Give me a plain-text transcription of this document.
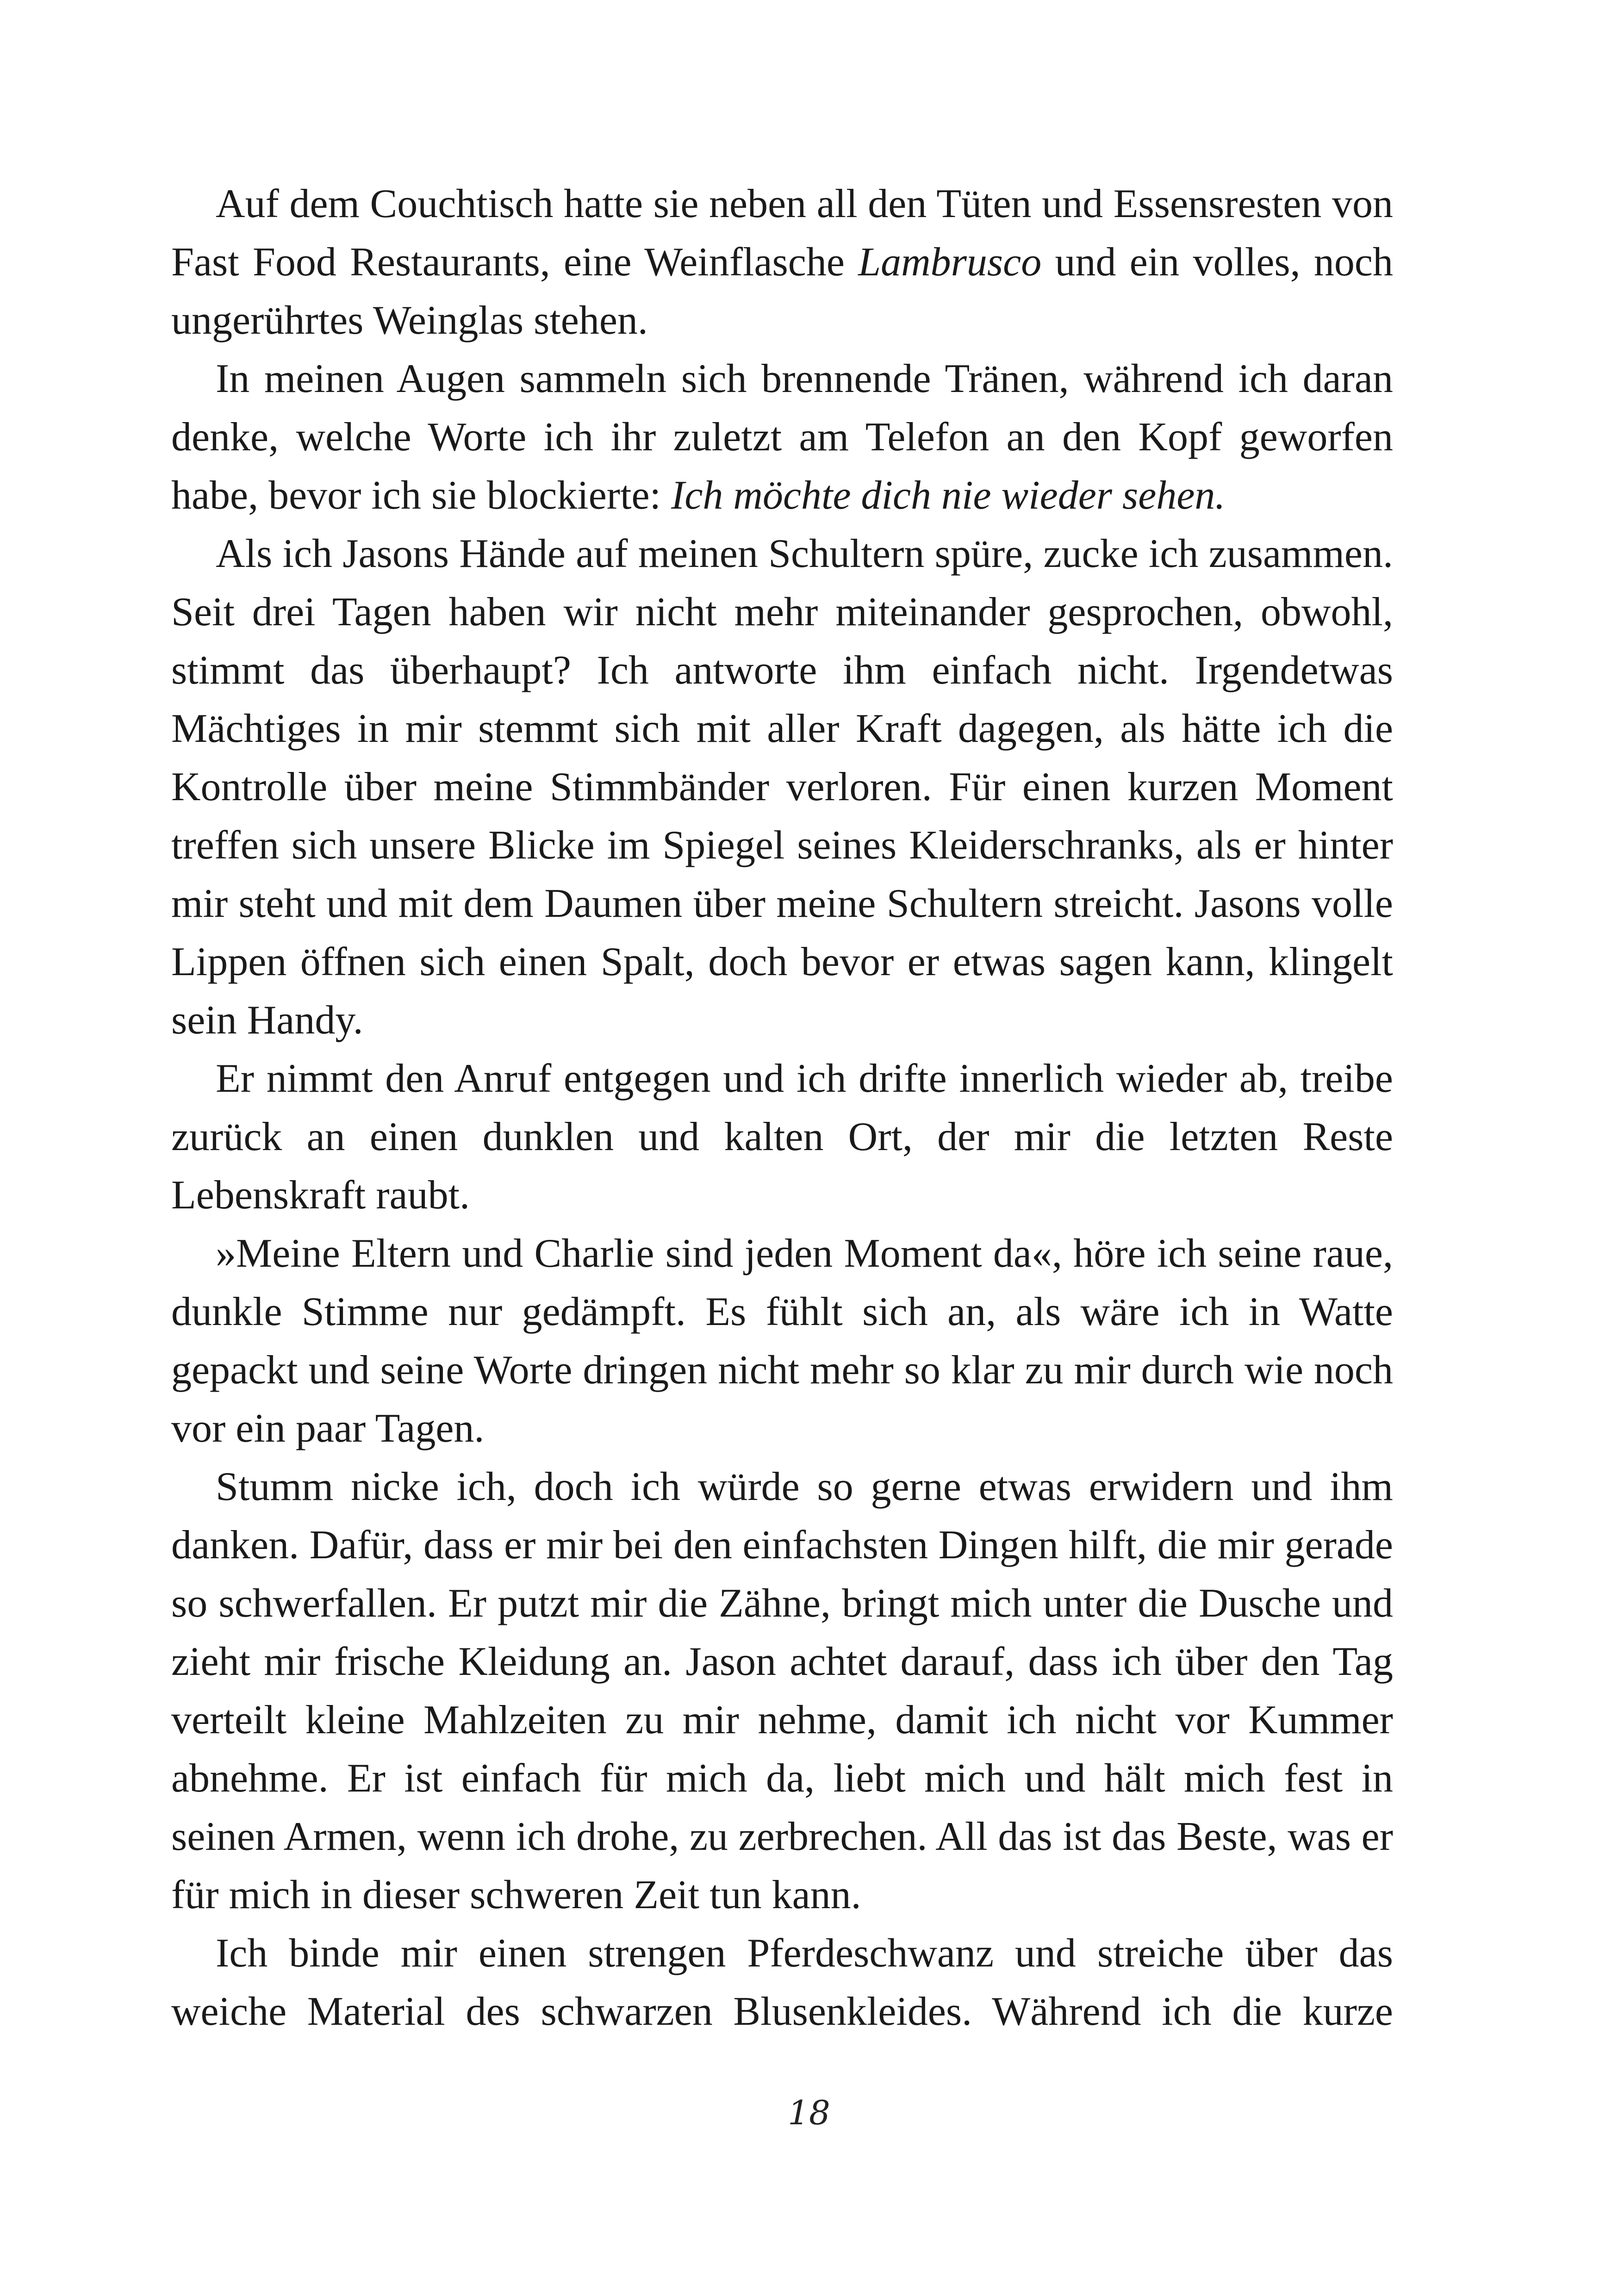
Auf dem Couchtisch hatte sie neben all den Tüten und Essensresten von Fast Food Restaurants, eine Weinflasche Lambrusco und ein volles, noch ungerührtes Weinglas stehen.

In meinen Augen sammeln sich brennende Tränen, während ich daran denke, welche Worte ich ihr zuletzt am Telefon an den Kopf geworfen habe, bevor ich sie blockierte: Ich möchte dich nie wieder sehen.

Als ich Jasons Hände auf meinen Schultern spüre, zucke ich zusammen. Seit drei Tagen haben wir nicht mehr miteinander gesprochen, obwohl, stimmt das überhaupt? Ich antworte ihm einfach nicht. Irgendetwas Mächtiges in mir stemmt sich mit aller Kraft dagegen, als hätte ich die Kontrolle über meine Stimmbänder verloren. Für einen kurzen Moment treffen sich unsere Blicke im Spiegel seines Kleiderschranks, als er hinter mir steht und mit dem Daumen über meine Schultern streicht. Jasons volle Lippen öffnen sich einen Spalt, doch bevor er etwas sagen kann, klingelt sein Handy.

Er nimmt den Anruf entgegen und ich drifte innerlich wieder ab, treibe zurück an einen dunklen und kalten Ort, der mir die letzten Reste Lebenskraft raubt.

»Meine Eltern und Charlie sind jeden Moment da«, höre ich seine raue, dunkle Stimme nur gedämpft. Es fühlt sich an, als wäre ich in Watte gepackt und seine Worte dringen nicht mehr so klar zu mir durch wie noch vor ein paar Tagen.

Stumm nicke ich, doch ich würde so gerne etwas erwidern und ihm danken. Dafür, dass er mir bei den einfachsten Dingen hilft, die mir gerade so schwerfallen. Er putzt mir die Zähne, bringt mich unter die Dusche und zieht mir frische Kleidung an. Jason achtet darauf, dass ich über den Tag verteilt kleine Mahlzeiten zu mir nehme, damit ich nicht vor Kummer abnehme. Er ist einfach für mich da, liebt mich und hält mich fest in seinen Armen, wenn ich drohe, zu zerbrechen. All das ist das Beste, was er für mich in dieser schweren Zeit tun kann.

Ich binde mir einen strengen Pferdeschwanz und streiche über das weiche Material des schwarzen Blusenkleides. Während ich die kurze

18
